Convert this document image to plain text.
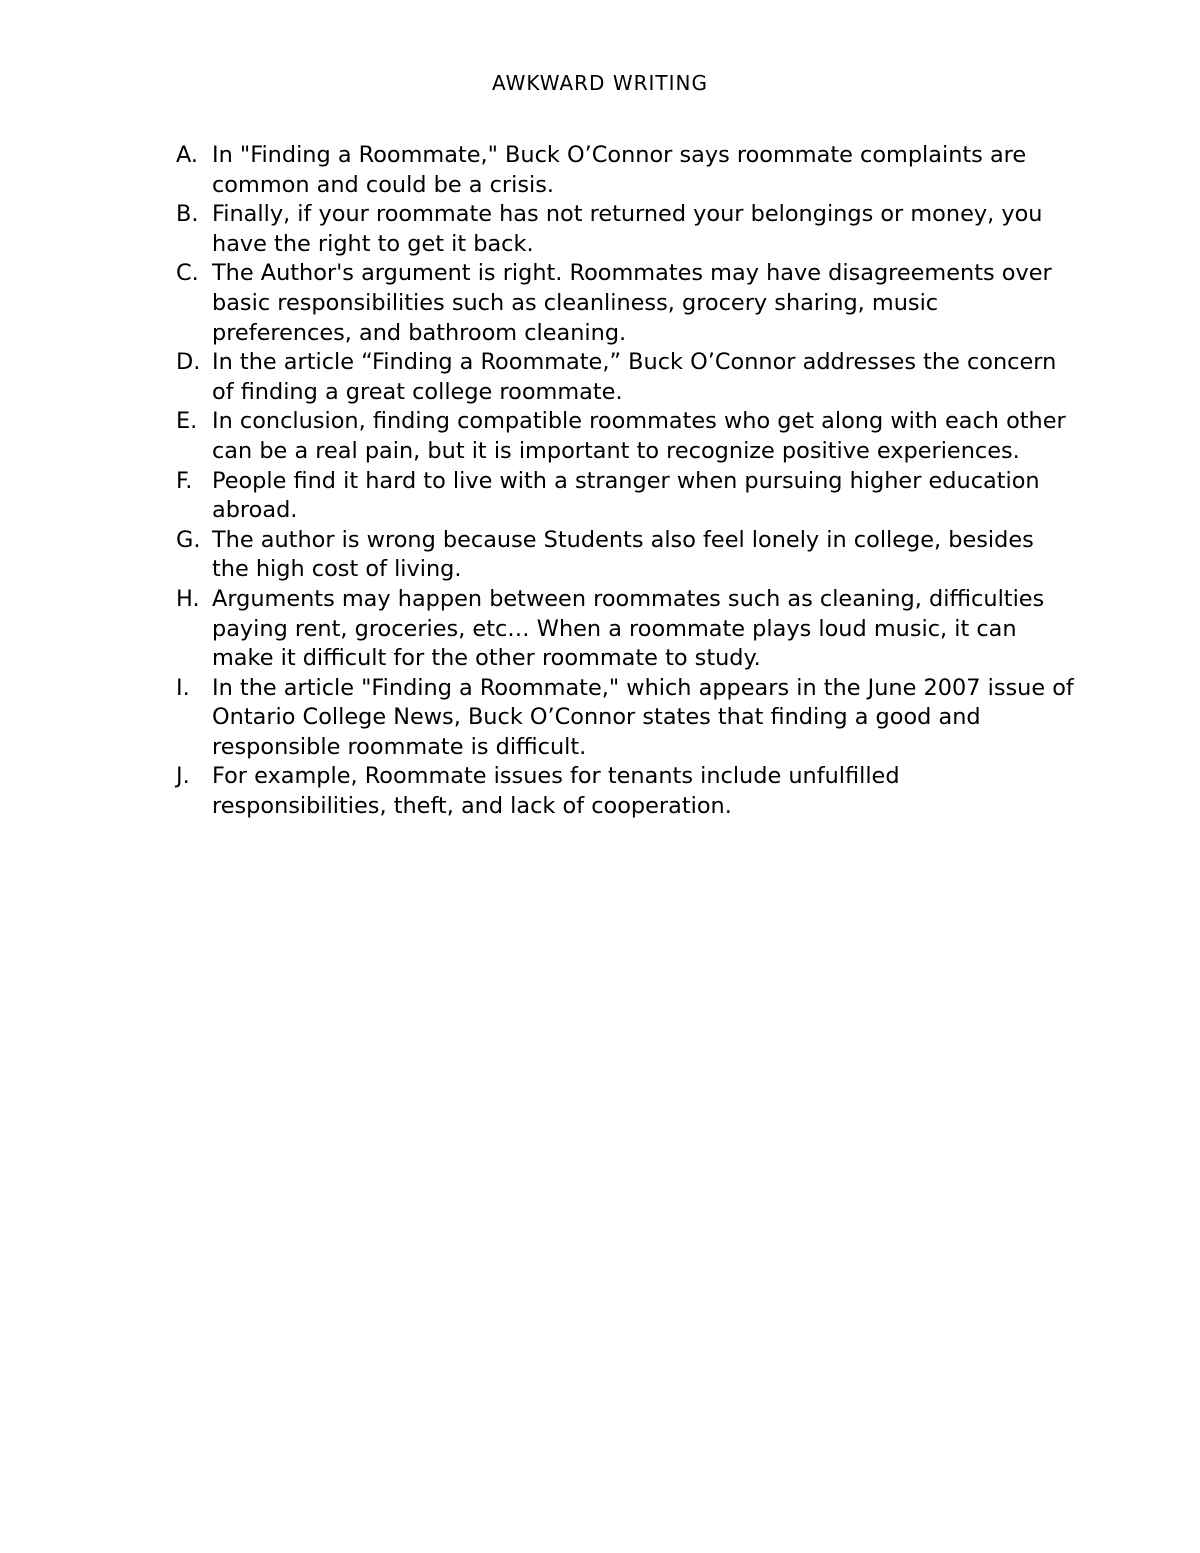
AWKWARD WRITING
A. In "Finding a Roommate," Buck O’Connor says roommate complaints are common and could be a crisis.
B. Finally, if your roommate has not returned your belongings or money, you have the right to get it back.
C. The Author's argument is right. Roommates may have disagreements over basic responsibilities such as cleanliness, grocery sharing, music preferences, and bathroom cleaning.
D. In the article “Finding a Roommate,” Buck O’Connor addresses the concern of finding a great college roommate.
E. In conclusion, finding compatible roommates who get along with each other can be a real pain, but it is important to recognize positive experiences.
F. People find it hard to live with a stranger when pursuing higher education abroad.
G. The author is wrong because Students also feel lonely in college, besides the high cost of living.
H. Arguments may happen between roommates such as cleaning, difficulties paying rent, groceries, etc… When a roommate plays loud music, it can make it difficult for the other roommate to study.
I. In the article "Finding a Roommate," which appears in the June 2007 issue of Ontario College News, Buck O’Connor states that finding a good and responsible roommate is difficult.
J. For example, Roommate issues for tenants include unfulfilled responsibilities, theft, and lack of cooperation.
